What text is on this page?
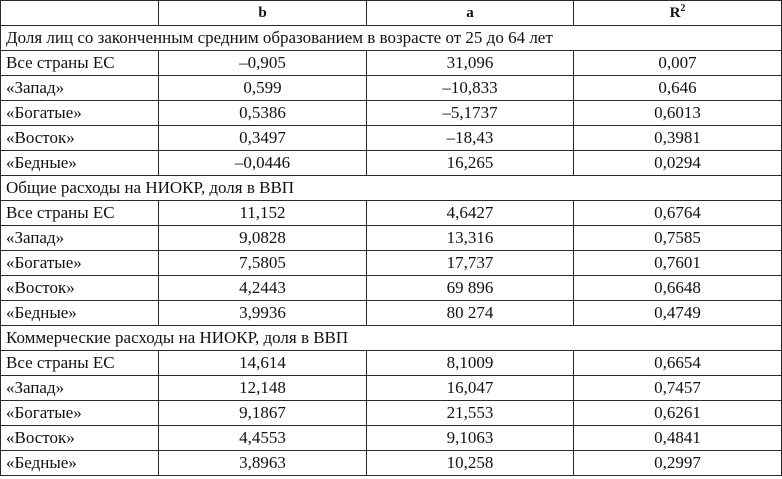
	b	a	$R^2$
Доля лиц со законченным средним образованием в возрасте от 25 до 64 лет			
Все страны ЕС	–0,905	31,096	0,007
«Запад»	0,599	–10,833	0,646
«Богатые»	0,5386	–5,1737	0,6013
«Восток»	0,3497	–18,43	0,3981
«Бедные»	–0,0446	16,265	0,0294
Общие расходы на НИОКР, доля в ВВП			
Все страны ЕС	11,152	4,6427	0,6764
«Запад»	9,0828	13,316	0,7585
«Богатые»	7,5805	17,737	0,7601
«Восток»	4,2443	69 896	0,6648
«Бедные»	3,9936	80 274	0,4749
Коммерческие расходы на НИОКР, доля в ВВП			
Все страны ЕС	14,614	8,1009	0,6654
«Запад»	12,148	16,047	0,7457
«Богатые»	9,1867	21,553	0,6261
«Восток»	4,4553	9,1063	0,4841
«Бедные»	3,8963	10,258	0,2997
